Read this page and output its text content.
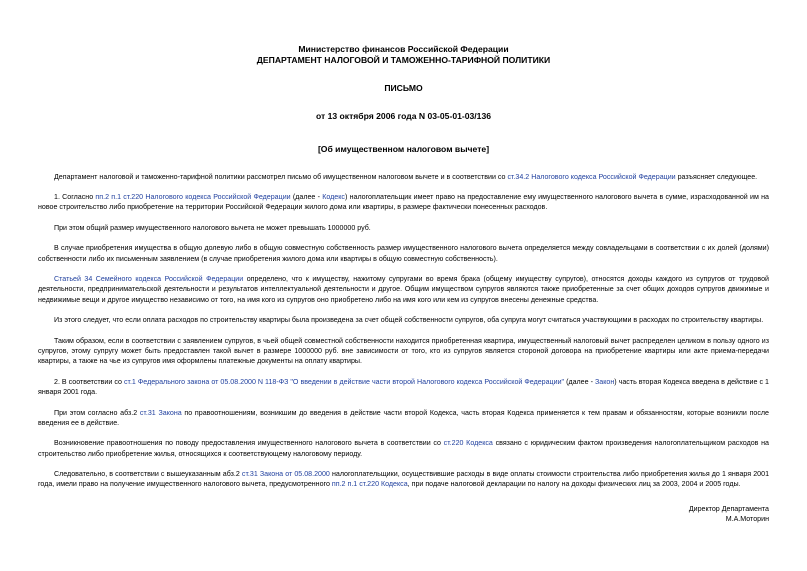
Министерство финансов Российской Федерации
ДЕПАРТАМЕНТ НАЛОГОВОЙ И ТАМОЖЕННО-ТАРИФНОЙ ПОЛИТИКИ
ПИСЬМО
от 13 октября 2006 года N 03-05-01-03/136
[Об имущественном налоговом вычете]

Департамент налоговой и таможенно-тарифной политики рассмотрел письмо об имущественном налоговом вычете и в соответствии со ст.34.2 Налогового кодекса Российской Федерации разъясняет следующее.

1. Согласно пп.2 п.1 ст.220 Налогового кодекса Российской Федерации (далее - Кодекс) налогоплательщик имеет право на предоставление ему имущественного налогового вычета в сумме, израсходованной им на новое строительство либо приобретение на территории Российской Федерации жилого дома или квартиры, в размере фактически понесенных расходов.

При этом общий размер имущественного налогового вычета не может превышать 1000000 руб.

В случае приобретения имущества в общую долевую либо в общую совместную собственность размер имущественного налогового вычета определяется между совладельцами в соответствии с их долей (долями) собственности либо их письменным заявлением (в случае приобретения жилого дома или квартиры в общую совместную собственность).

Статьей 34 Семейного кодекса Российской Федерации определено, что к имуществу, нажитому супругами во время брака (общему имуществу супругов), относятся доходы каждого из супругов от трудовой деятельности, предпринимательской деятельности и результатов интеллектуальной деятельности и другое. Общим имуществом супругов являются также приобретенные за счет общих доходов супругов движимые и недвижимые вещи и другое имущество независимо от того, на имя кого из супругов оно приобретено либо на имя кого или кем из супругов внесены денежные средства.

Из этого следует, что если оплата расходов по строительству квартиры была произведена за счет общей собственности супругов, оба супруга могут считаться участвующими в расходах по строительству квартиры.

Таким образом, если в соответствии с заявлением супругов, в чьей общей совместной собственности находится приобретенная квартира, имущественный налоговый вычет распределен целиком в пользу одного из супругов, этому супругу может быть предоставлен такой вычет в размере 1000000 руб. вне зависимости от того, кто из супругов является стороной договора на приобретение квартиры или акте приема-передачи квартиры, а также на чье из супругов имя оформлены платежные документы на оплату квартиры.

2. В соответствии со ст.1 Федерального закона от 05.08.2000 N 118-ФЗ "О введении в действие части второй Налогового кодекса Российской Федерации" (далее - Закон) часть вторая Кодекса введена в действие с 1 января 2001 года.

При этом согласно абз.2 ст.31 Закона по правоотношениям, возникшим до введения в действие части второй Кодекса, часть вторая Кодекса применяется к тем правам и обязанностям, которые возникли после введения ее в действие.

Возникновение правоотношения по поводу предоставления имущественного налогового вычета в соответствии со ст.220 Кодекса связано с юридическим фактом произведения налогоплательщиком расходов на строительство либо приобретение жилья, относящихся к соответствующему налоговому периоду.

Следовательно, в соответствии с вышеуказанным абз.2 ст.31 Закона от 05.08.2000 налогоплательщики, осуществившие расходы в виде оплаты стоимости строительства либо приобретения жилья до 1 января 2001 года, имели право на получение имущественного налогового вычета, предусмотренного пп.2 п.1 ст.220 Кодекса, при подаче налоговой декларации по налогу на доходы физических лиц за 2003, 2004 и 2005 годы.

Директор Департамента
М.А.Моторин
